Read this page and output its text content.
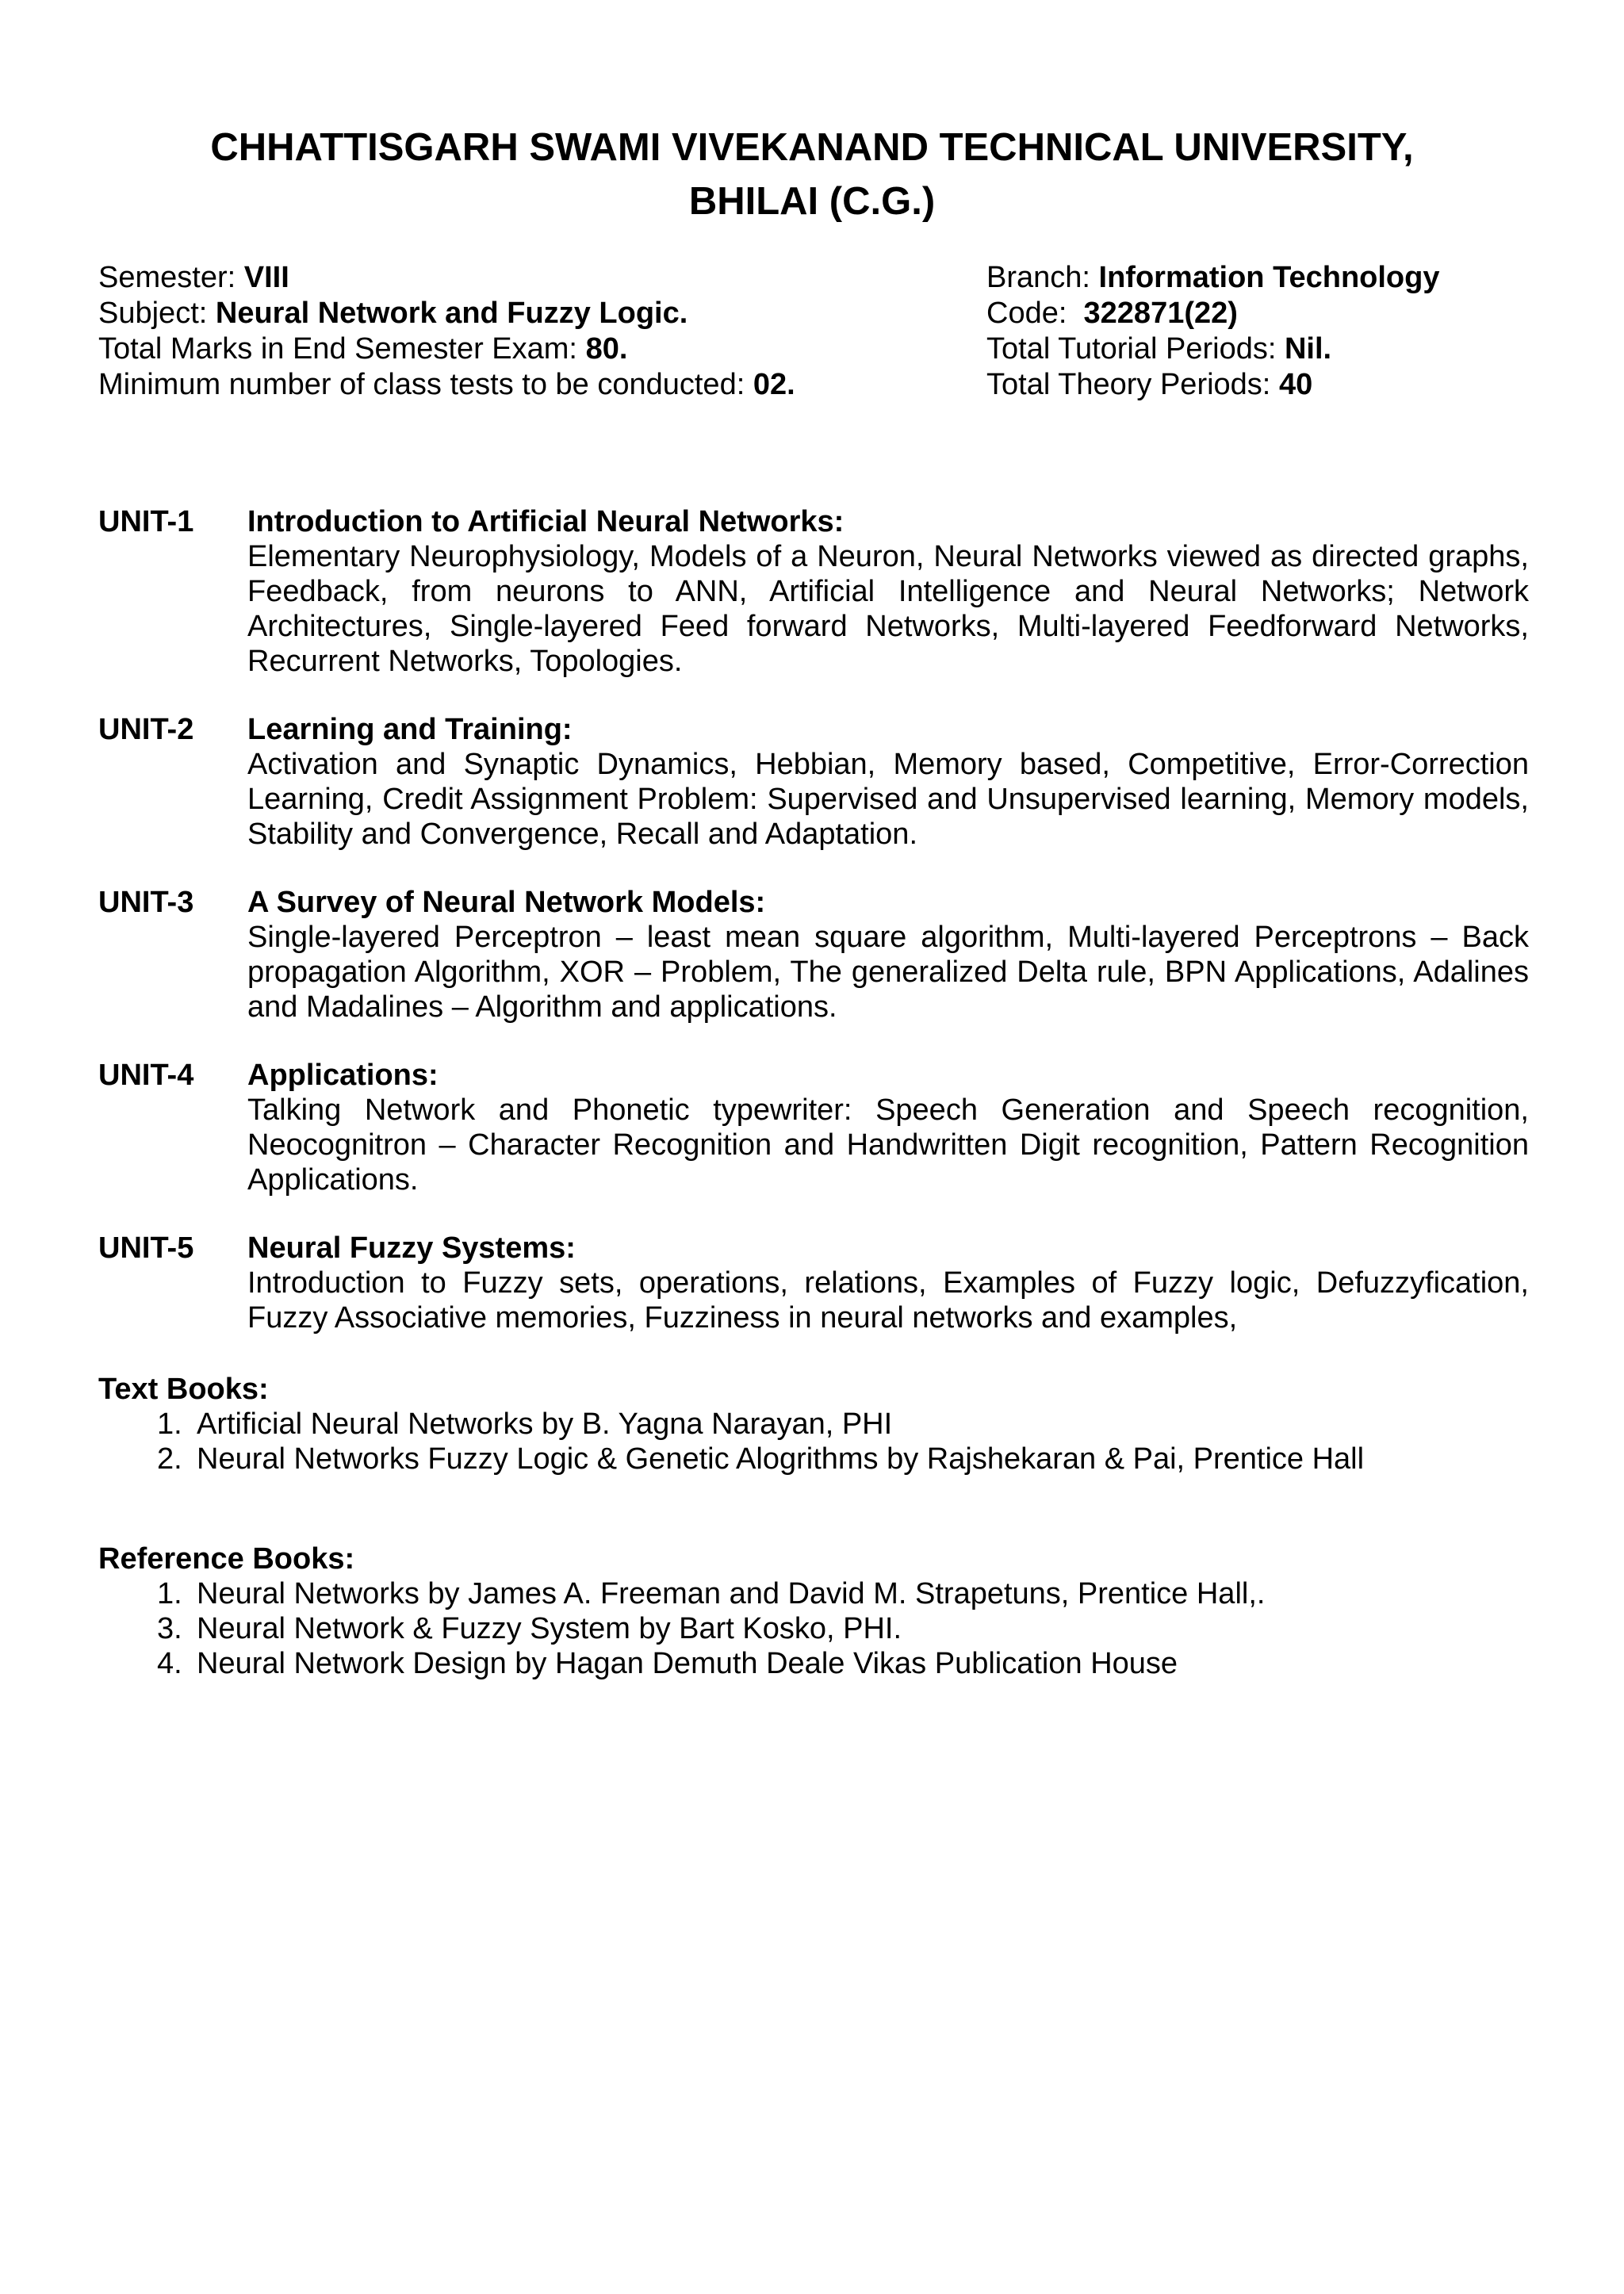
CHHATTISGARH SWAMI VIVEKANAND TECHNICAL UNIVERSITY,
BHILAI (C.G.)
Semester: VIII
Subject: Neural Network and Fuzzy Logic.
Total Marks in End Semester Exam: 80.
Minimum number of class tests to be conducted: 02.
Branch: Information Technology
Code:  322871(22)
Total Tutorial Periods: Nil.
Total Theory Periods: 40
UNIT-1	Introduction to Artificial Neural Networks:
Elementary Neurophysiology, Models of a Neuron, Neural Networks viewed as directed graphs, Feedback, from neurons to ANN, Artificial Intelligence and Neural Networks; Network Architectures, Single-layered Feed forward Networks, Multi-layered Feedforward Networks, Recurrent Networks, Topologies.
UNIT-2	Learning and Training:
Activation and Synaptic Dynamics, Hebbian, Memory based, Competitive, Error-Correction Learning, Credit Assignment Problem: Supervised and Unsupervised learning, Memory models, Stability and Convergence, Recall and Adaptation.
UNIT-3	A Survey of Neural Network Models:
Single-layered Perceptron – least mean square algorithm, Multi-layered Perceptrons – Back propagation Algorithm, XOR – Problem, The generalized Delta rule, BPN Applications, Adalines and Madalines – Algorithm and applications.
UNIT-4	Applications:
Talking Network and Phonetic typewriter: Speech Generation and Speech recognition, Neocognitron – Character Recognition and Handwritten Digit recognition, Pattern Recognition Applications.
UNIT-5	Neural Fuzzy Systems:
Introduction to Fuzzy sets, operations, relations, Examples of Fuzzy logic, Defuzzyfication, Fuzzy Associative memories, Fuzziness in neural networks and examples,
Text Books:
1. Artificial Neural Networks by B. Yagna Narayan, PHI
2. Neural Networks Fuzzy Logic & Genetic Alogrithms by Rajshekaran & Pai, Prentice Hall
Reference Books:
1. Neural Networks by James A. Freeman and David M. Strapetuns, Prentice Hall,.
3. Neural Network & Fuzzy System by Bart Kosko, PHI.
4. Neural Network Design by Hagan Demuth Deale Vikas Publication House
